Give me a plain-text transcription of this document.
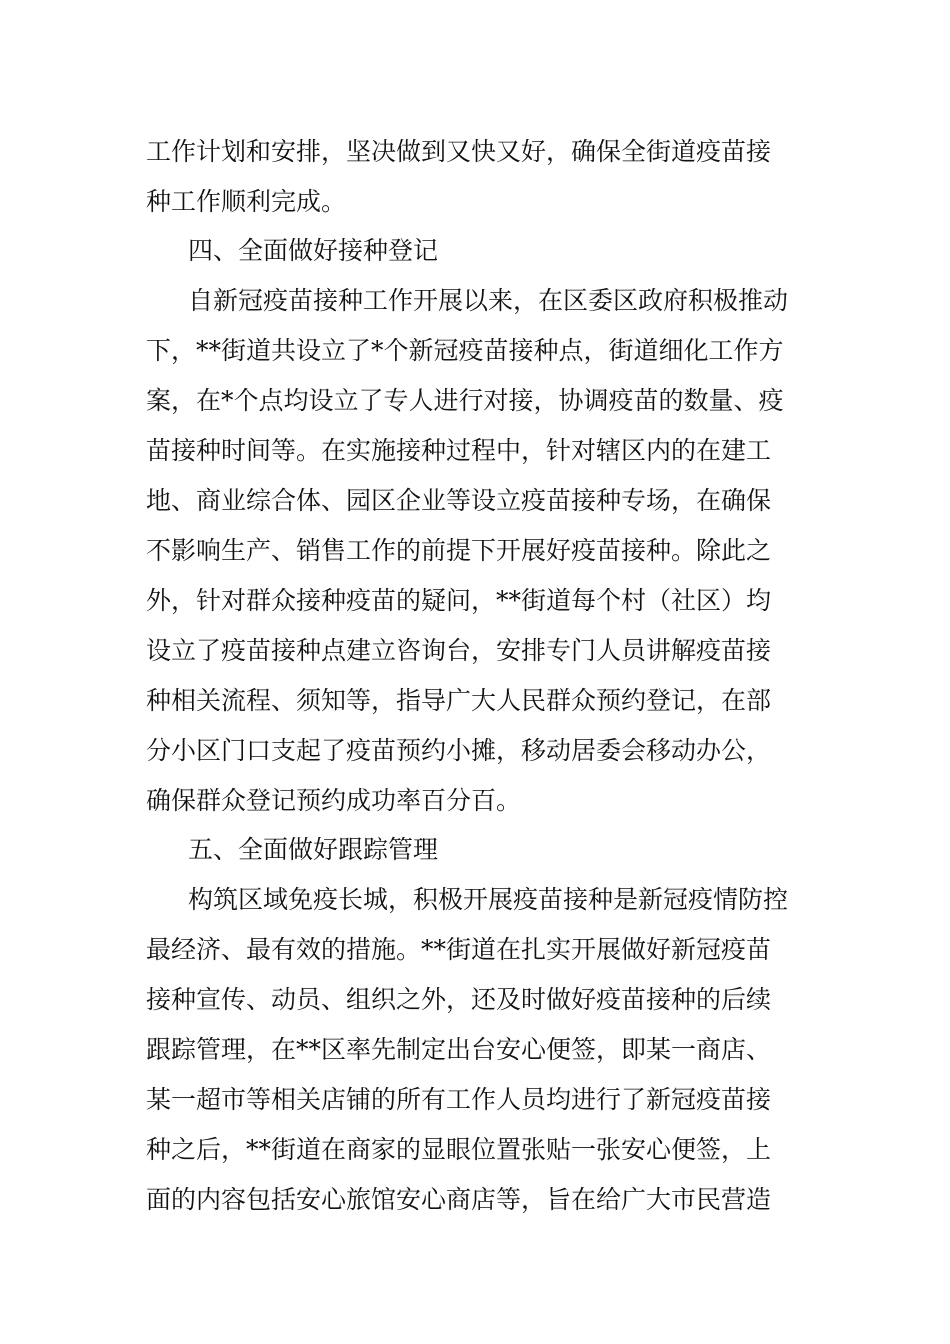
工作计划和安排，坚决做到又快又好，确保全街道疫苗接
种工作顺利完成。
四、全面做好接种登记
自新冠疫苗接种工作开展以来，在区委区政府积极推动
下，**街道共设立了*个新冠疫苗接种点，街道细化工作方
案，在*个点均设立了专人进行对接，协调疫苗的数量、疫
苗接种时间等。在实施接种过程中，针对辖区内的在建工
地、商业综合体、园区企业等设立疫苗接种专场，在确保
不影响生产、销售工作的前提下开展好疫苗接种。除此之
外，针对群众接种疫苗的疑问，**街道每个村（社区）均
设立了疫苗接种点建立咨询台，安排专门人员讲解疫苗接
种相关流程、须知等，指导广大人民群众预约登记，在部
分小区门口支起了疫苗预约小摊，移动居委会移动办公，
确保群众登记预约成功率百分百。
五、全面做好跟踪管理
构筑区域免疫长城，积极开展疫苗接种是新冠疫情防控
最经济、最有效的措施。**街道在扎实开展做好新冠疫苗
接种宣传、动员、组织之外，还及时做好疫苗接种的后续
跟踪管理，在**区率先制定出台安心便签，即某一商店、
某一超市等相关店铺的所有工作人员均进行了新冠疫苗接
种之后，**街道在商家的显眼位置张贴一张安心便签，上
面的内容包括安心旅馆安心商店等，旨在给广大市民营造
